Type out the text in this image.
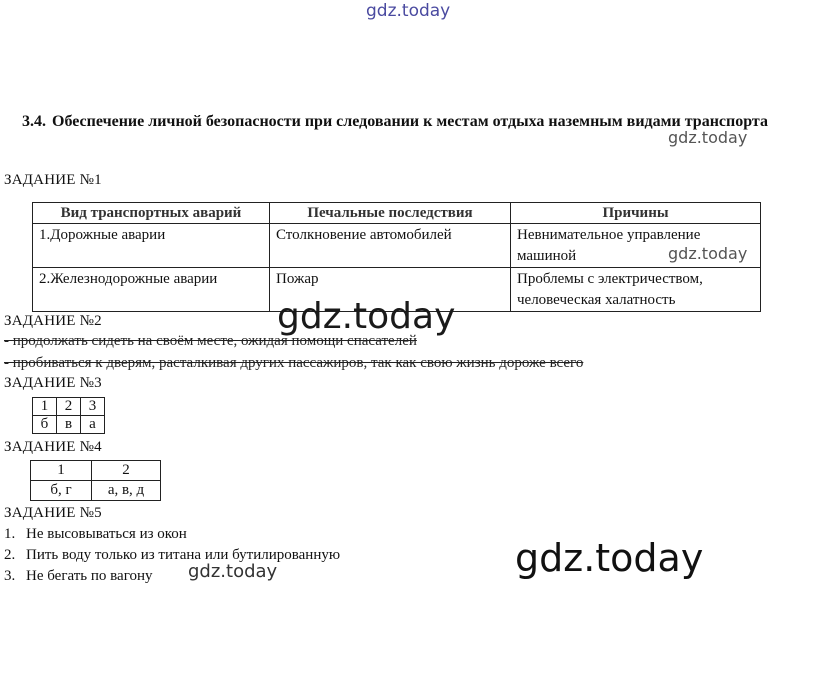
gdz.today
3.4. Обеспечение личной безопасности при следовании к местам отдыха наземным видами транспорта
gdz.today
ЗАДАНИЕ №1
Вид транспортных аварий	Печальные последствия	Причины
1.Дорожные аварии	Столкновение автомобилей	Невнимательное управление машиной
2.Железнодорожные аварии	Пожар	Проблемы с электричеством, человеческая халатность
gdz.today
ЗАДАНИЕ №2
- продолжать сидеть на своём месте, ожидая помощи спасателей
- пробиваться к дверям, расталкивая других пассажиров, так как свою жизнь дороже всего
gdz.today
ЗАДАНИЕ №3
1	2	3
б	в	а
ЗАДАНИЕ №4
1	2
б, г	а, в, д
ЗАДАНИЕ №5
1. Не высовываться из окон
2. Пить воду только из титана или бутилированную
3. Не бегать по вагону	gdz.today
gdz.today
